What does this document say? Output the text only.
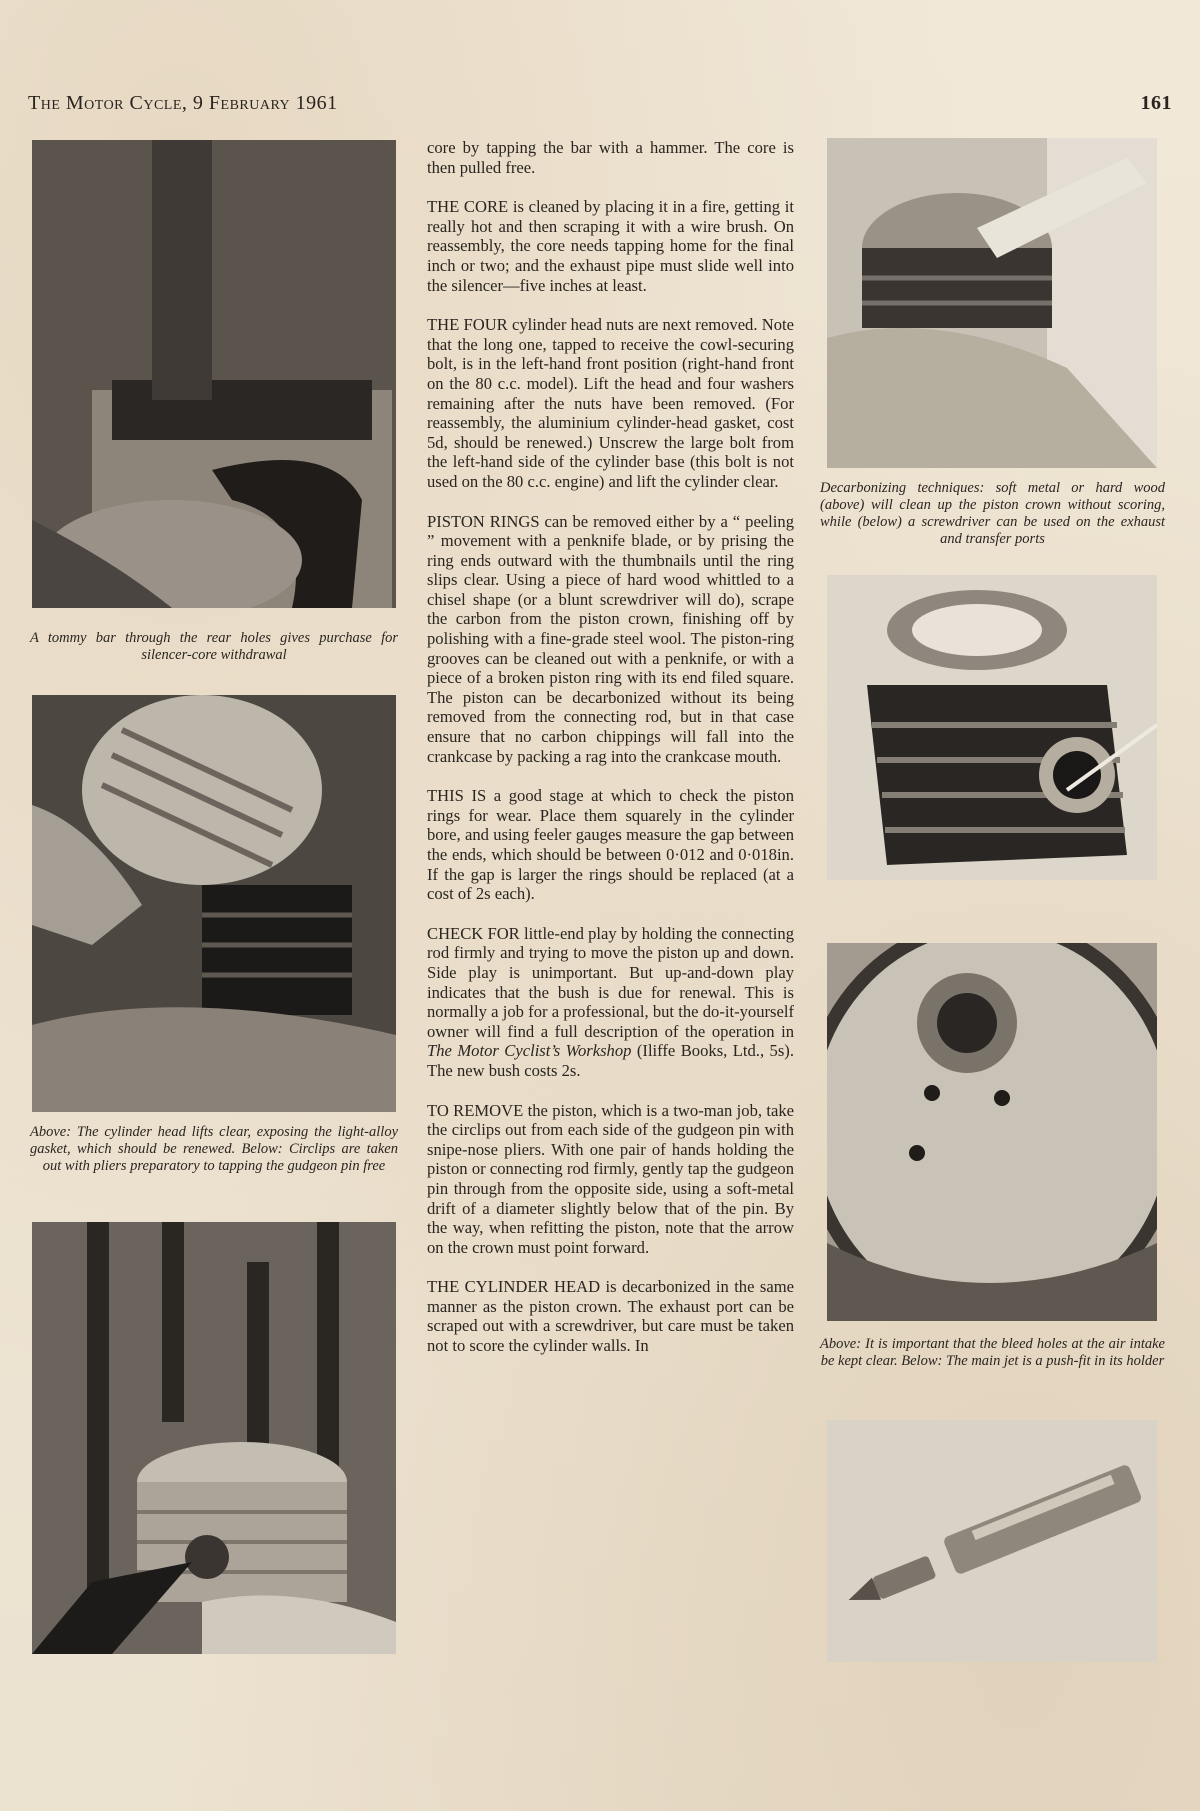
The Motor Cycle, 9 February 1961	161
A tommy bar through the rear holes gives purchase for silencer-core withdrawal
Above: The cylinder head lifts clear, exposing the light-alloy gasket, which should be renewed. Below: Circlips are taken out with pliers preparatory to tapping the gudgeon pin free

core by tapping the bar with a hammer. The core is then pulled free.

THE CORE is cleaned by placing it in a fire, getting it really hot and then scraping it with a wire brush. On reassembly, the core needs tapping home for the final inch or two; and the exhaust pipe must slide well into the silencer—five inches at least.

THE FOUR cylinder head nuts are next removed. Note that the long one, tapped to receive the cowl-securing bolt, is in the left-hand front position (right-hand front on the 80 c.c. model). Lift the head and four washers remaining after the nuts have been removed. (For reassembly, the aluminium cylinder-head gasket, cost 5d, should be renewed.) Unscrew the large bolt from the left-hand side of the cylinder base (this bolt is not used on the 80 c.c. engine) and lift the cylinder clear.

PISTON RINGS can be removed either by a “ peeling ” movement with a penknife blade, or by prising the ring ends outward with the thumbnails until the ring slips clear. Using a piece of hard wood whittled to a chisel shape (or a blunt screwdriver will do), scrape the carbon from the piston crown, finishing off by polishing with a fine-grade steel wool. The piston-ring grooves can be cleaned out with a penknife, or with a piece of a broken piston ring with its end filed square. The piston can be decarbonized without its being removed from the connecting rod, but in that case ensure that no carbon chippings will fall into the crankcase by packing a rag into the crankcase mouth.

THIS IS a good stage at which to check the piston rings for wear. Place them squarely in the cylinder bore, and using feeler gauges measure the gap between the ends, which should be between 0·012 and 0·018in. If the gap is larger the rings should be replaced (at a cost of 2s each).

CHECK FOR little-end play by holding the connecting rod firmly and trying to move the piston up and down. Side play is unimportant. But up-and-down play indicates that the bush is due for renewal. This is normally a job for a professional, but the do-it-yourself owner will find a full description of the operation in The Motor Cyclist’s Workshop (Iliffe Books, Ltd., 5s). The new bush costs 2s.

TO REMOVE the piston, which is a two-man job, take the circlips out from each side of the gudgeon pin with snipe-nose pliers. With one pair of hands holding the piston or connecting rod firmly, gently tap the gudgeon pin through from the opposite side, using a soft-metal drift of a diameter slightly below that of the pin. By the way, when refitting the piston, note that the arrow on the crown must point forward.

THE CYLINDER HEAD is decarbonized in the same manner as the piston crown. The exhaust port can be scraped out with a screwdriver, but care must be taken not to score the cylinder walls. In

Decarbonizing techniques: soft metal or hard wood (above) will clean up the piston crown without scoring, while (below) a screwdriver can be used on the exhaust and transfer ports
Above: It is important that the bleed holes at the air intake be kept clear. Below: The main jet is a push-fit in its holder
